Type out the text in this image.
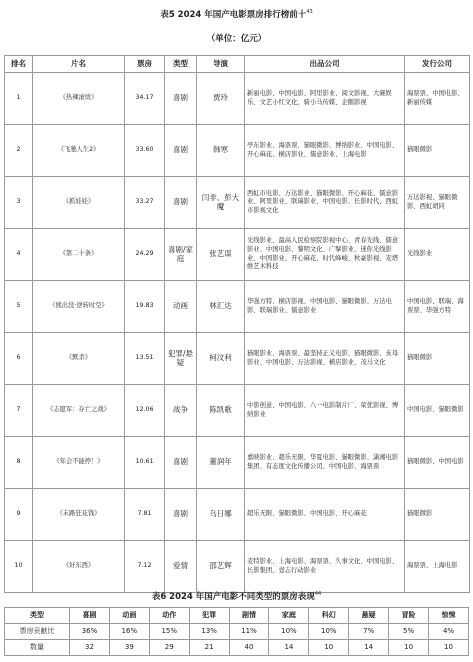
表5 2024 年国产电影票房排行榜前十$^{43}$
（单位：亿元）
排名	片名	票房	类型	导演	出品公司	发行公司
1	《热辣滚烫》	34.17	喜剧	贾玲	新丽电影、中国电影、阿里影业、阅文影视、大碗娱乐、文艺小红文化、骑小马传媒、企鹅影视	海票票、中国电影、新丽传媒
2	《飞驰人生2》	33.60	喜剧	韩寒	亭东影业、海票票、猫眼微影、博纳影业、中国电影、开心麻花、横店影业、儒意影业、上海电影	猫眼微影
3	《抓娃娃》	33.27	喜剧	闫非、彭大魔	西虹市电影、万达影业、猫眼微影、开心麻花、儒意影业、阿里影业、联瑞影业、中国电影、长影时代、西虹市影视文化	万达影视、猫眼微影、西虹胡同
4	《第二十条》	24.29	喜剧/家庭	张艺谋	光线影业、最高人民检察院影视中心、青春光线、儒意影业、中国电影、黎明文化、广擘影业、迷你光线影业、中国影业、开心麻花、时代峰峻、秋豪影视、麦塔维艺术科技	光线影业
5	《熊出没·逆转时空》	19.83	动画	林汇达	华强方特、横店影视、中国电影、猫眼微影、万达电影、联瑞影业、儒意影业	中国电影、联瑞、海票票、华强方特
6	《默杀》	13.51	犯罪/悬疑	柯汶利	猫眼影业、海票票、最坚持正义电影、猫眼微影、亥母影业、中国电影、万达影视、横店影业、茂马文化	猫眼微影
7	《志愿军：存亡之战》	12.06	战争	陈凯歌	中影创意、中国电影、八一电影制片厂、荣优影视、博纳影业	中国电影、猫眼微影
8	《年会不能停！》	10.61	喜剧	董润年	嘉映影业、超乐无限、华夏电影、猫眼微影、潇湘电影集团、有态度文化传播公司、中国电影、海票票	猫眼微影、中国电影
9	《末路狂花钱》	7.81	喜剧	乌日娜	超乐无限、猫眼微影、中国电影、开心麻花	猫眼微影
10	《好东西》	7.12	爱情	邵艺辉	麦特影业、上海电影、海票票、久事文化、中国电影、长影集团、壹志行动影业	海票票、上海电影
表6 2024 年国产电影不同类型的票房表现$^{44}$
类型	喜剧	动画	动作	犯罪	剧情	家庭	科幻	悬疑	冒险	惊悚
票房贡献比	36%	16%	15%	13%	11%	10%	10%	7%	5%	4%
数量	32	39	29	21	40	14	10	14	10	10
